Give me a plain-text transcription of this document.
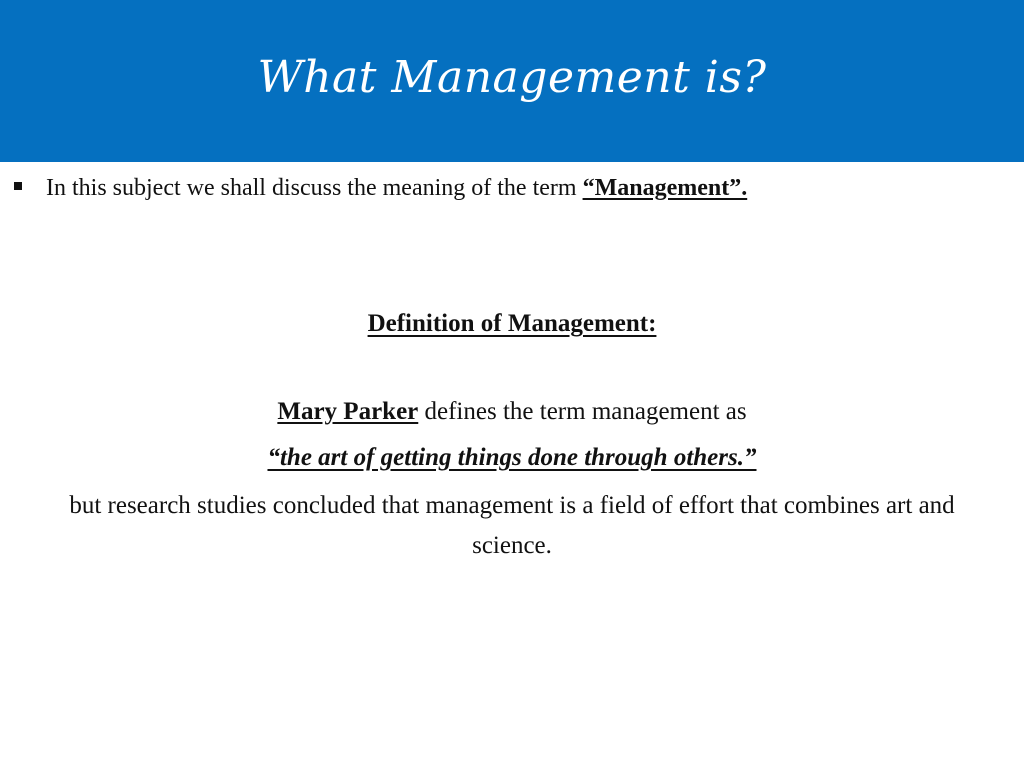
What Management is?
In this subject we shall discuss the meaning of the term “Management”.
Definition of Management:
Mary Parker defines the term management as
“the art of getting things done through others.”
but research studies concluded that management is a field of effort that combines art and science.
